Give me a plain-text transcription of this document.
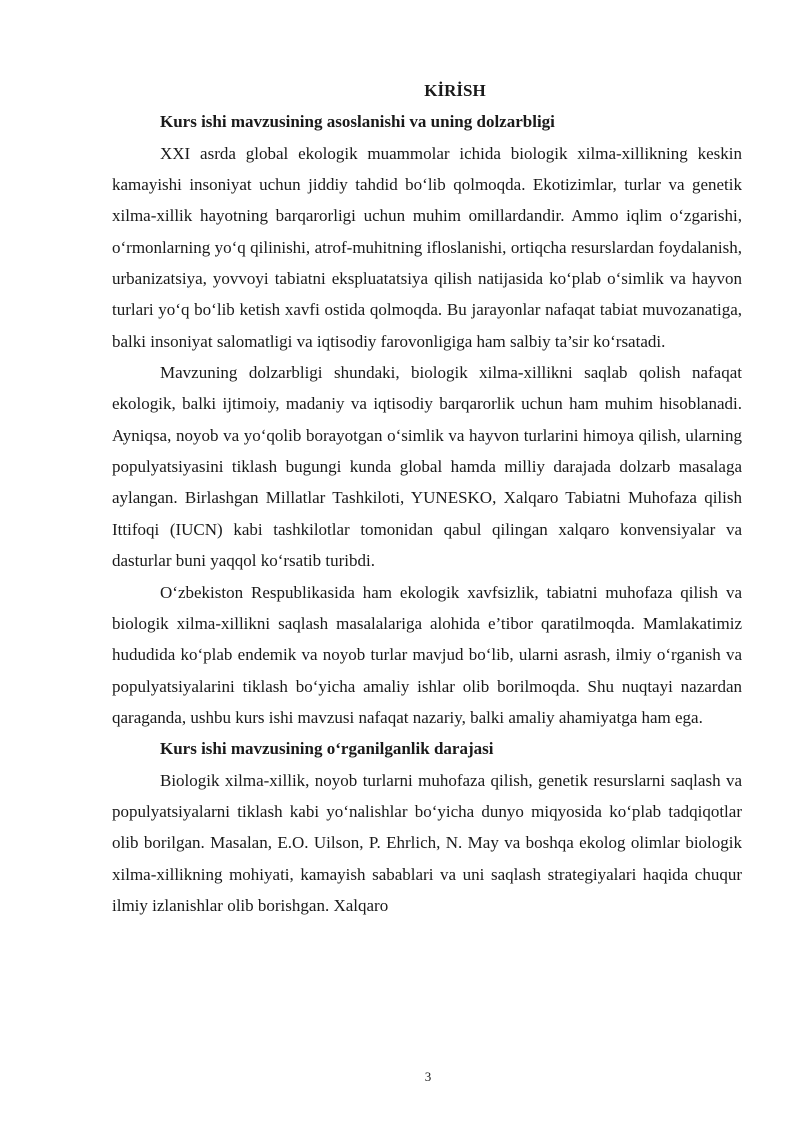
KİRİSH

Kurs ishi mavzusining asoslanishi va uning dolzarbligi

XXI asrda global ekologik muammolar ichida biologik xilma-xillikning keskin kamayishi insoniyat uchun jiddiy tahdid bo‘lib qolmoqda. Ekotizimlar, turlar va genetik xilma-xillik hayotning barqarorligi uchun muhim omillardandir. Ammo iqlim o‘zgarishi, o‘rmonlarning yo‘q qilinishi, atrof-muhitning ifloslanishi, ortiqcha resurslardan foydalanish, urbanizatsiya, yovvoyi tabiatni ekspluatatsiya qilish natijasida ko‘plab o‘simlik va hayvon turlari yo‘q bo‘lib ketish xavfi ostida qolmoqda. Bu jarayonlar nafaqat tabiat muvozanatiga, balki insoniyat salomatligi va iqtisodiy farovonligiga ham salbiy ta’sir ko‘rsatadi.

Mavzuning dolzarbligi shundaki, biologik xilma-xillikni saqlab qolish nafaqat ekologik, balki ijtimoiy, madaniy va iqtisodiy barqarorlik uchun ham muhim hisoblanadi. Ayniqsa, noyob va yo‘qolib borayotgan o‘simlik va hayvon turlarini himoya qilish, ularning populyatsiyasini tiklash bugungi kunda global hamda milliy darajada dolzarb masalaga aylangan. Birlashgan Millatlar Tashkiloti, YUNESKO, Xalqaro Tabiatni Muhofaza qilish Ittifoqi (IUCN) kabi tashkilotlar tomonidan qabul qilingan xalqaro konvensiyalar va dasturlar buni yaqqol ko‘rsatib turibdi.

O‘zbekiston Respublikasida ham ekologik xavfsizlik, tabiatni muhofaza qilish va biologik xilma-xillikni saqlash masalalariga alohida e’tibor qaratilmoqda. Mamlakatimiz hududida ko‘plab endemik va noyob turlar mavjud bo‘lib, ularni asrash, ilmiy o‘rganish va populyatsiyalarini tiklash bo‘yicha amaliy ishlar olib borilmoqda. Shu nuqtayi nazardan qaraganda, ushbu kurs ishi mavzusi nafaqat nazariy, balki amaliy ahamiyatga ham ega.

Kurs ishi mavzusining o‘rganilganlik darajasi

Biologik xilma-xillik, noyob turlarni muhofaza qilish, genetik resurslarni saqlash va populyatsiyalarni tiklash kabi yo‘nalishlar bo‘yicha dunyo miqyosida ko‘plab tadqiqotlar olib borilgan. Masalan, E.O. Uilson, P. Ehrlich, N. May va boshqa ekolog olimlar biologik xilma-xillikning mohiyati, kamayish sabablari va uni saqlash strategiyalari haqida chuqur ilmiy izlanishlar olib borishgan. Xalqaro

3
